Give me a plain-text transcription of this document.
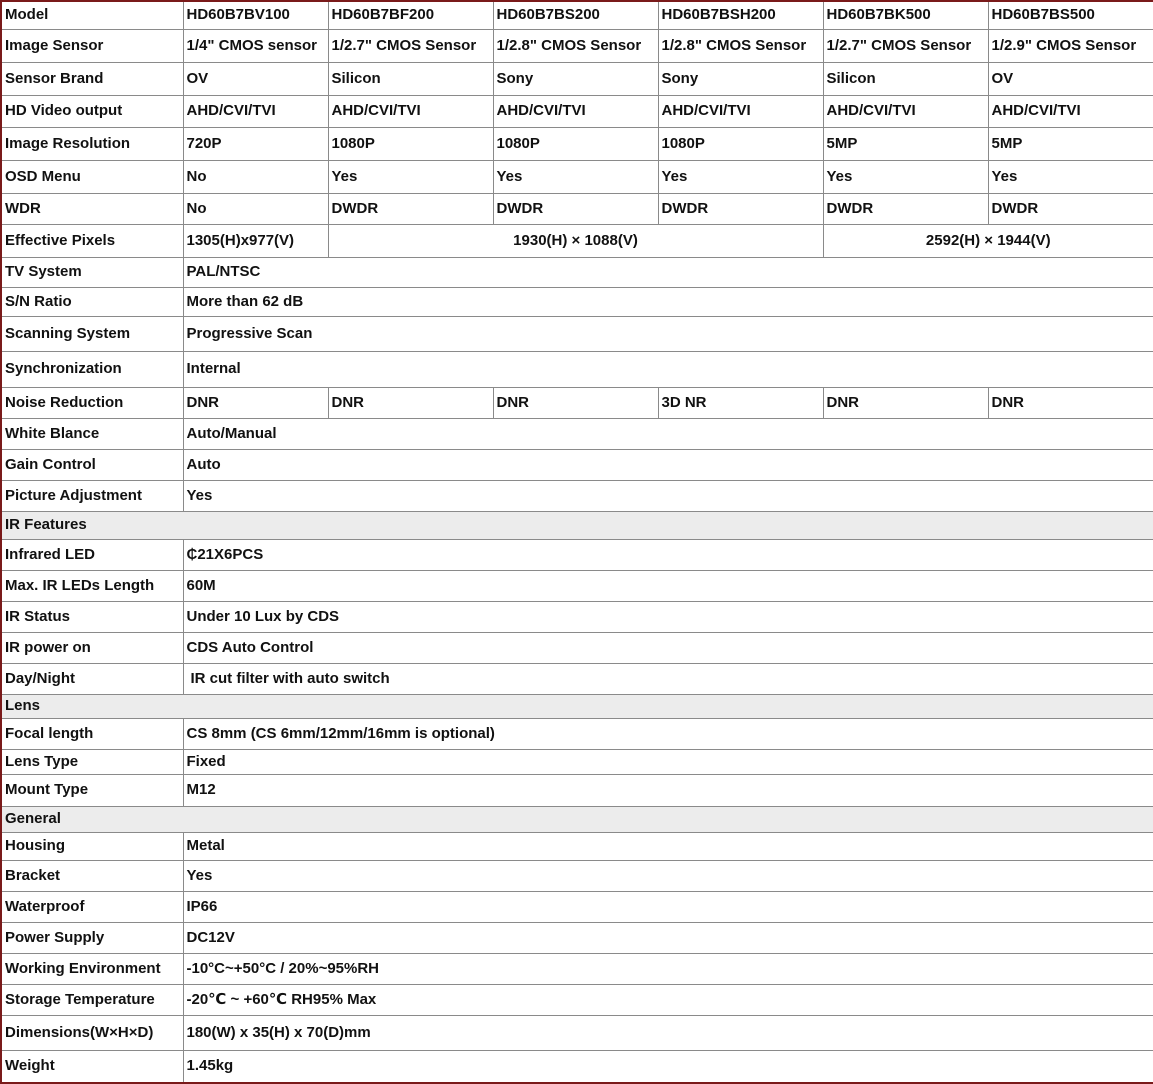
Model	HD60B7BV100	HD60B7BF200	HD60B7BS200	HD60B7BSH200	HD60B7BK500	HD60B7BS500
Image Sensor	1/4" CMOS sensor	1/2.7" CMOS Sensor	1/2.8" CMOS Sensor	1/2.8" CMOS Sensor	1/2.7" CMOS Sensor	1/2.9" CMOS Sensor
Sensor Brand	OV	Silicon	Sony	Sony	Silicon	OV
HD Video output	AHD/CVI/TVI	AHD/CVI/TVI	AHD/CVI/TVI	AHD/CVI/TVI	AHD/CVI/TVI	AHD/CVI/TVI
Image Resolution	720P	1080P	1080P	1080P	5MP	5MP
OSD Menu	No	Yes	Yes	Yes	Yes	Yes
WDR	No	DWDR	DWDR	DWDR	DWDR	DWDR
Effective Pixels	1305(H)x977(V)	1930(H) × 1088(V)			2592(H) × 1944(V)	
TV System	PAL/NTSC					
S/N Ratio	More than 62 dB					
Scanning System	Progressive Scan					
Synchronization	Internal					
Noise Reduction	DNR	DNR	DNR	3D NR	DNR	DNR
White Blance	Auto/Manual					
Gain Control	Auto					
Picture Adjustment	Yes					
IR Features						
Infrared LED	₵21X6PCS					
Max. IR LEDs Length	60M					
IR Status	Under 10 Lux by CDS					
IR power on	CDS Auto Control					
Day/Night	IR cut filter with auto switch					
Lens						
Focal length	CS 8mm (CS 6mm/12mm/16mm is optional)					
Lens Type	Fixed					
Mount Type	M12					
General						
Housing	Metal					
Bracket	Yes					
Waterproof	IP66					
Power Supply	DC12V					
Working Environment	-10°C~+50°C / 20%~95%RH					
Storage Temperature	-20℃ ~ +60℃ RH95% Max					
Dimensions(W×H×D)	180(W) x 35(H) x 70(D)mm					
Weight	1.45kg					
